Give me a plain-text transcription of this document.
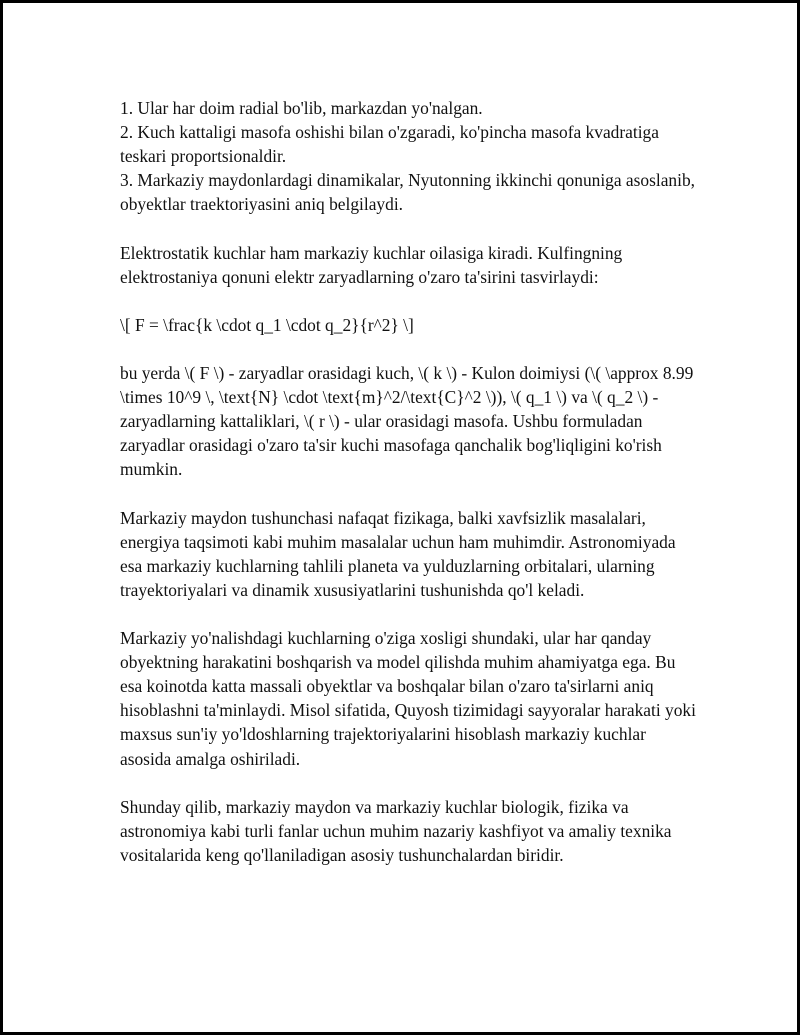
1. Ular har doim radial bo'lib, markazdan yo'nalgan.
2. Kuch kattaligi masofa oshishi bilan o'zgaradi, ko'pincha masofa kvadratiga teskari proportsionaldir.
3. Markaziy maydonlardagi dinamikalar, Nyutonning ikkinchi qonuniga asoslanib, obyektlar traektoriyasini aniq belgilaydi.

Elektrostatik kuchlar ham markaziy kuchlar oilasiga kiradi. Kulfingning elektrostaniya qonuni elektr zaryadlarning o'zaro ta'sirini tasvirlaydi:

\[ F = \frac{k \cdot q_1 \cdot q_2}{r^2} \]

bu yerda \( F \) - zaryadlar orasidagi kuch, \( k \) - Kulon doimiysi (\( \approx 8.99 \times 10^9 \, \text{N} \cdot \text{m}^2/\text{C}^2 \)), \( q_1 \) va \( q_2 \) - zaryadlarning kattaliklari, \( r \) - ular orasidagi masofa. Ushbu formuladan zaryadlar orasidagi o'zaro ta'sir kuchi masofaga qanchalik bog'liqligini ko'rish mumkin.

Markaziy maydon tushunchasi nafaqat fizikaga, balki xavfsizlik masalalari, energiya taqsimoti kabi muhim masalalar uchun ham muhimdir. Astronomiyada esa markaziy kuchlarning tahlili planeta va yulduzlarning orbitalari, ularning trayektoriyalari va dinamik xususiyatlarini tushunishda qo'l keladi.

Markaziy yo'nalishdagi kuchlarning o'ziga xosligi shundaki, ular har qanday obyektning harakatini boshqarish va model qilishda muhim ahamiyatga ega. Bu esa koinotda katta massali obyektlar va boshqalar bilan o'zaro ta'sirlarni aniq hisoblashni ta'minlaydi. Misol sifatida, Quyosh tizimidagi sayyoralar harakati yoki maxsus sun'iy yo'ldoshlarning trajektoriyalarini hisoblash markaziy kuchlar asosida amalga oshiriladi.

Shunday qilib, markaziy maydon va markaziy kuchlar biologik, fizika va astronomiya kabi turli fanlar uchun muhim nazariy kashfiyot va amaliy texnika vositalarida keng qo'llaniladigan asosiy tushunchalardan biridir.
